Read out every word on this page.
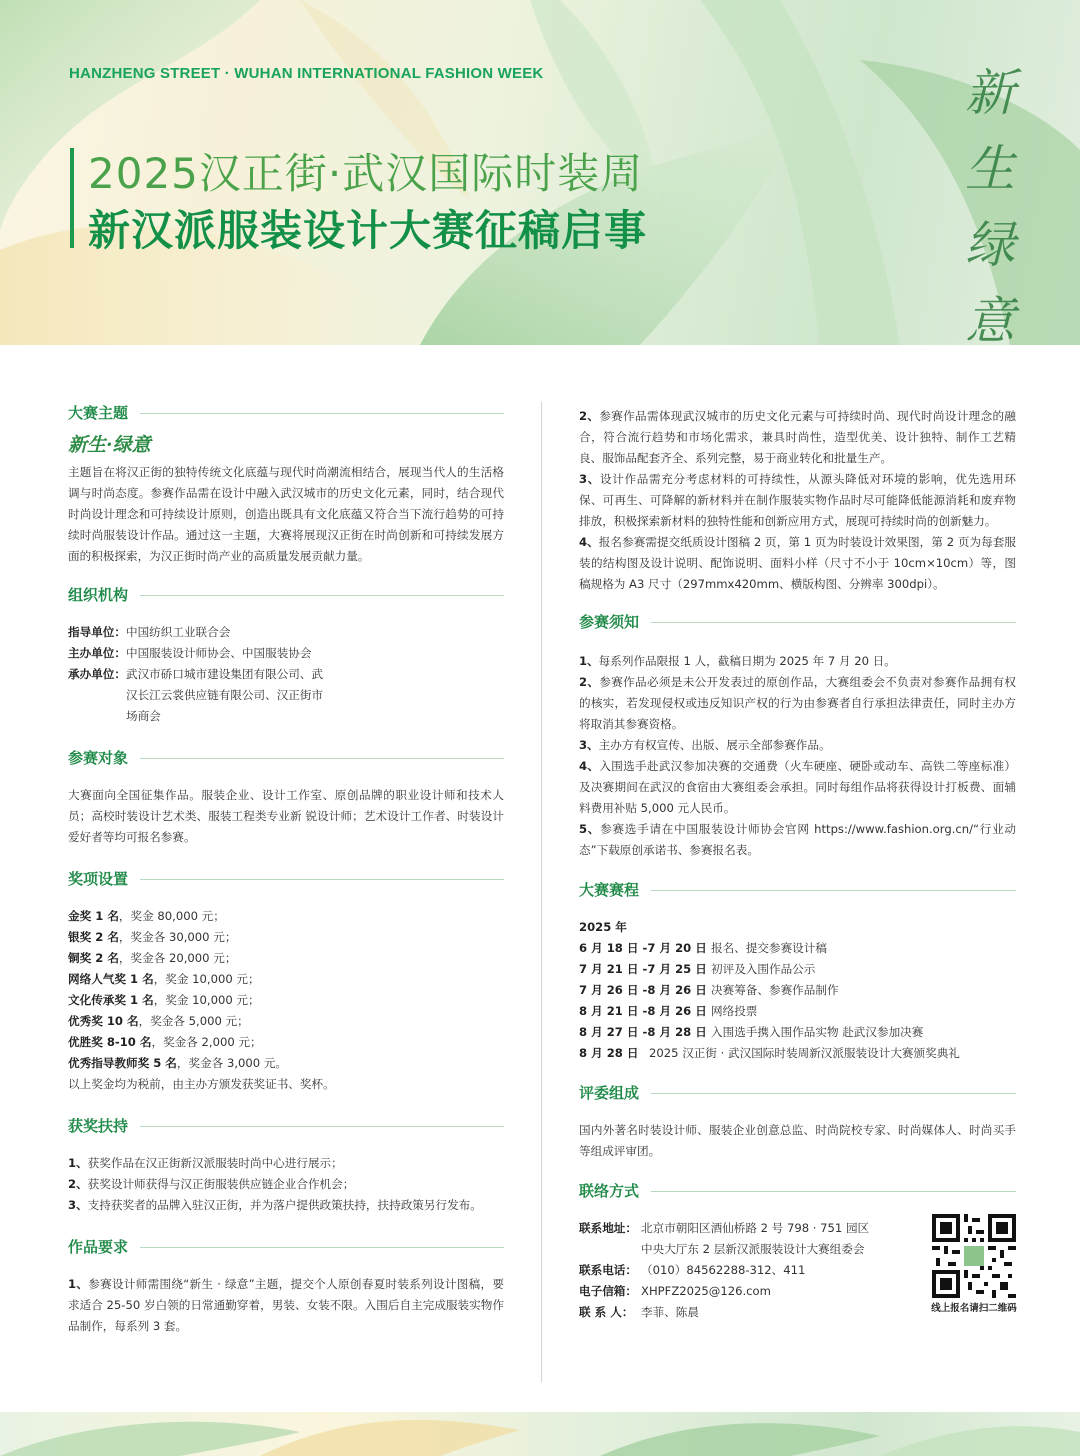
HANZHENG STREET · WUHAN INTERNATIONAL FASHION WEEK
2025汉正街·武汉国际时装周
新汉派服装设计大赛征稿启事
新
生
绿
意
大赛主题
新生·绿意

主题旨在将汉正街的独特传统文化底蕴与现代时尚潮流相结合，展现当代人的生活格调与时尚态度。参赛作品需在设计中融入武汉城市的历史文化元素，同时，结合现代时尚设计理念和可持续设计原则，创造出既具有文化底蕴又符合当下流行趋势的可持续时尚服装设计作品。通过这一主题，大赛将展现汉正街在时尚创新和可持续发展方面的积极探索，为汉正街时尚产业的高质量发展贡献力量。

组织机构
指导单位： 中国纺织工业联合会
主办单位： 中国服装设计师协会、中国服装协会
承办单位： 武汉市硚口城市建设集团有限公司、武汉长江云裳供应链有限公司、汉正街市场商会
参赛对象

大赛面向全国征集作品。服装企业、设计工作室、原创品牌的职业设计师和技术人员；高校时装设计艺术类、服装工程类专业新 锐设计师；艺术设计工作者、时装设计爱好者等均可报名参赛。

奖项设置
金奖 1 名，奖金 80,000 元；
银奖 2 名，奖金各 30,000 元；
铜奖 2 名，奖金各 20,000 元；
网络人气奖 1 名，奖金 10,000 元；
文化传承奖 1 名，奖金 10,000 元；
优秀奖 10 名，奖金各 5,000 元；
优胜奖 8-10 名，奖金各 2,000 元；
优秀指导教师奖 5 名，奖金各 3,000 元。
以上奖金均为税前，由主办方颁发获奖证书、奖杯。
获奖扶持
1、获奖作品在汉正街新汉派服装时尚中心进行展示；
2、获奖设计师获得与汉正街服装供应链企业合作机会；
3、支持获奖者的品牌入驻汉正街，并为落户提供政策扶持，扶持政策另行发布。
作品要求
1、参赛设计师需围绕“新生 · 绿意”主题，提交个人原创春夏时装系列设计图稿，要求适合 25-50 岁白领的日常通勤穿着，男装、女装不限。入围后自主完成服装实物作品制作，每系列 3 套。
2、参赛作品需体现武汉城市的历史文化元素与可持续时尚、现代时尚设计理念的融合，符合流行趋势和市场化需求，兼具时尚性，造型优美、设计独特、制作工艺精良、服饰品配套齐全、系列完整，易于商业转化和批量生产。
3、设计作品需充分考虑材料的可持续性，从源头降低对环境的影响，优先选用环保、可再生、可降解的新材料并在制作服装实物作品时尽可能降低能源消耗和废弃物排放，积极探索新材料的独特性能和创新应用方式，展现可持续时尚的创新魅力。
4、报名参赛需提交纸质设计图稿 2 页，第 1 页为时装设计效果图，第 2 页为每套服装的结构图及设计说明、配饰说明、面料小样（尺寸不小于 10cm×10cm）等，图稿规格为 A3 尺寸（297mmx420mm、横版构图、分辨率 300dpi）。
参赛须知
1、每系列作品限报 1 人，截稿日期为 2025 年 7 月 20 日。
2、参赛作品必须是未公开发表过的原创作品，大赛组委会不负责对参赛作品拥有权的核实，若发现侵权或违反知识产权的行为由参赛者自行承担法律责任，同时主办方将取消其参赛资格。
3、主办方有权宣传、出版、展示全部参赛作品。
4、入围选手赴武汉参加决赛的交通费（火车硬座、硬卧或动车、高铁二等座标准）及决赛期间在武汉的食宿由大赛组委会承担。同时每组作品将获得设计打板费、面辅料费用补贴 5,000 元人民币。
5、参赛选手请在中国服装设计师协会官网 https://www.fashion.org.cn/“行业动态”下载原创承诺书、参赛报名表。
大赛赛程
2025 年
6 月 18 日 -7 月 20 日 报名、提交参赛设计稿
7 月 21 日 -7 月 25 日 初评及入围作品公示
7 月 26 日 -8 月 26 日 决赛筹备、参赛作品制作
8 月 21 日 -8 月 26 日 网络投票
8 月 27 日 -8 月 28 日 入围选手携入围作品实物 赴武汉参加决赛
8 月 28 日 2025 汉正街 · 武汉国际时装周新汉派服装设计大赛颁奖典礼
评委组成

国内外著名时装设计师、服装企业创意总监、时尚院校专家、时尚媒体人、时尚买手等组成评审团。

联络方式
联系地址： 北京市朝阳区酒仙桥路 2 号 798 · 751 园区
中央大厅东 2 层新汉派服装设计大赛组委会
联系电话： （010）84562288-312、411
电子信箱： XHPFZ2025@126.com
联 系 人： 李菲、陈晨	线上报名请扫二维码
